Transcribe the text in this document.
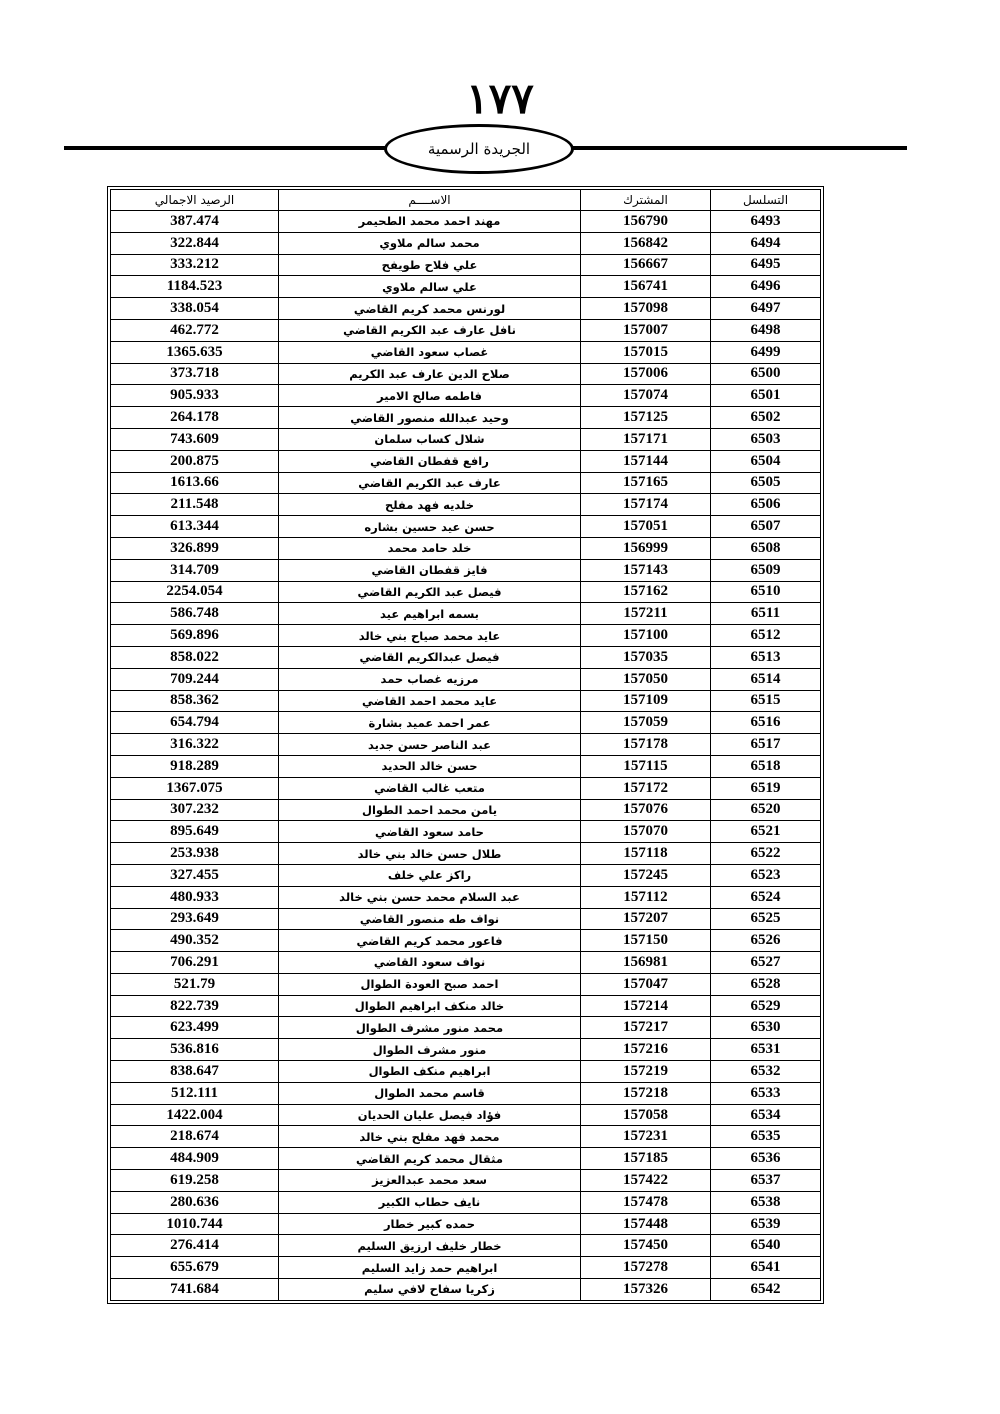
١٧٧
الجريدة الرسمية
التسلسل	المشترك	الاســــم	الرصيد الاجمالي
6493	156790	مهند احمد محمد الطحيمر	387.474
6494	156842	محمد سالم ملاوي	322.844
6495	156667	علي فلاح طويفح	333.212
6496	156741	علي سالم ملاوي	1184.523
6497	157098	لورنس محمد كريم القاضي	338.054
6498	157007	نافل عارف عبد الكريم القاضي	462.772
6499	157015	غصاب سعود القاضي	1365.635
6500	157006	صلاح الدين عارف عبد الكريم	373.718
6501	157074	فاطمه صالح الامير	905.933
6502	157125	وحيد عبدالله منصور القاضي	264.178
6503	157171	شلال كساب سلمان	743.609
6504	157144	رافع قفطان القاضي	200.875
6505	157165	عارف عبد الكريم القاضي	1613.66
6506	157174	خلديه فهد مفلح	211.548
6507	157051	حسن عيد حسين بشاره	613.344
6508	156999	خلد حامد محمد	326.899
6509	157143	فايز قفطان القاضي	314.709
6510	157162	فيصل عبد الكريم القاضي	2254.054
6511	157211	بسمه ابراهيم عيد	586.748
6512	157100	عايد محمد صياح بني خالد	569.896
6513	157035	فيصل عبدالكريم القاضي	858.022
6514	157050	مرزيه غصاب حمد	709.244
6515	157109	عايد محمد احمد القاضي	858.362
6516	157059	عمر احمد عميد بشارة	654.794
6517	157178	عبد الناصر حسن جديد	316.322
6518	157115	حسن خالد الحديد	918.289
6519	157172	متعب غالب القاضي	1367.075
6520	157076	يامن محمد احمد الطوال	307.232
6521	157070	حامد سعود القاضي	895.649
6522	157118	طلال حسن خالد بني خالد	253.938
6523	157245	راكز علي خلف	327.455
6524	157112	عبد السلام محمد حسن بني خالد	480.933
6525	157207	نواف طه منصور القاضي	293.649
6526	157150	فاعور محمد كريم القاضي	490.352
6527	156981	نواف سعود القاضي	706.291
6528	157047	احمد صبح العودة الطوال	521.79
6529	157214	خالد منكف ابراهيم الطوال	822.739
6530	157217	محمد منور مشرف الطوال	623.499
6531	157216	منور مشرف الطوال	536.816
6532	157219	ابراهيم منكف الطوال	838.647
6533	157218	قاسم محمد الطوال	512.111
6534	157058	فؤاد فيصل عليان الحديان	1422.004
6535	157231	محمد فهد مفلح بني خالد	218.674
6536	157185	مثقال محمد كريم القاضي	484.909
6537	157422	سعد محمد عبدالعزيز	619.258
6538	157478	نايف حطاب الكبير	280.636
6539	157448	حمده كبير خطار	1010.744
6540	157450	خطار خليف ارزيق السليم	276.414
6541	157278	ابراهيم حمد زايد السليم	655.679
6542	157326	زكريا سفاح لافي سليم	741.684
